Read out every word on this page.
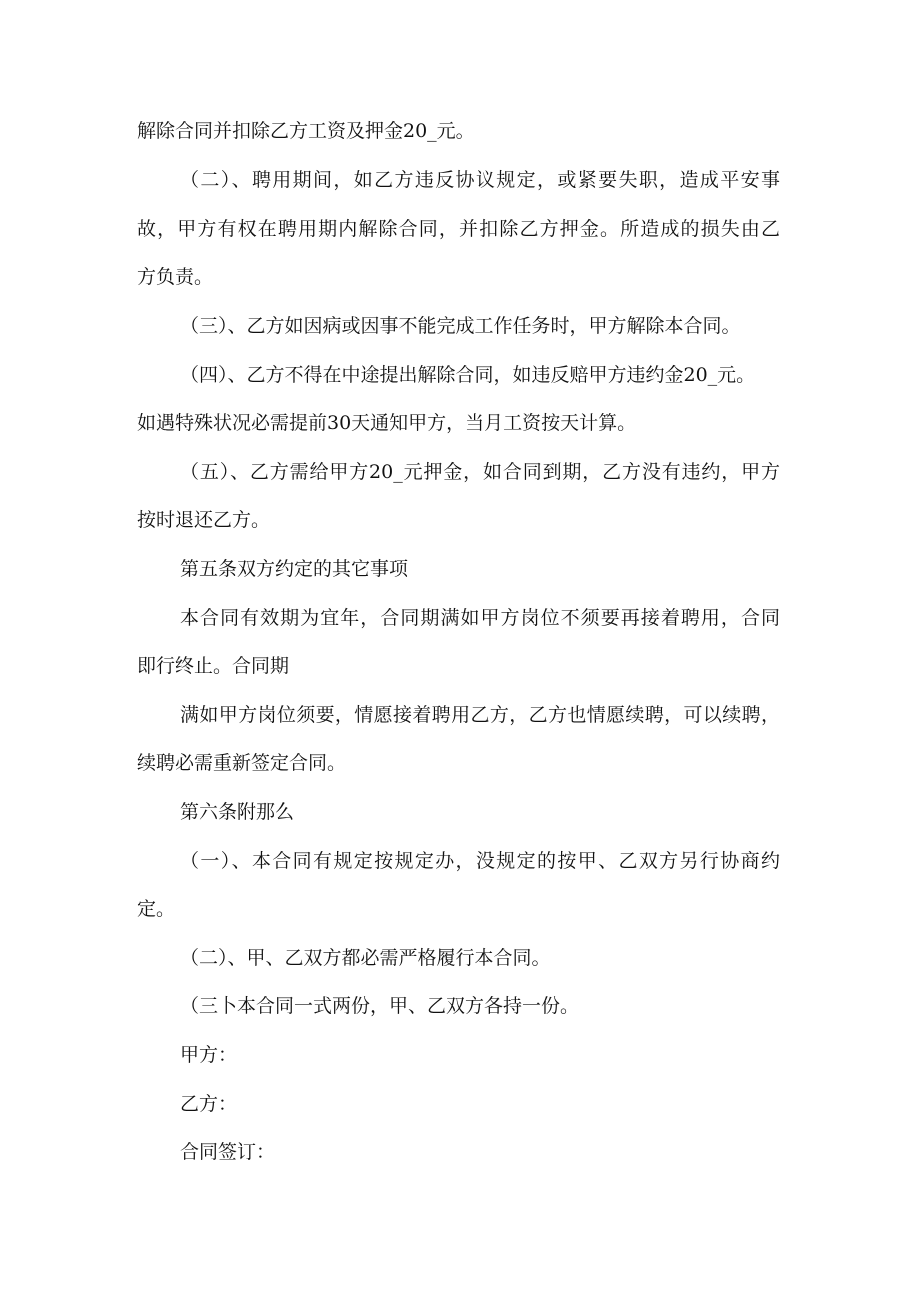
解除合同并扣除乙方工资及押金20_元。

（二）、聘用期间，如乙方违反协议规定，或紧要失职，造成平安事

故，甲方有权在聘用期内解除合同，并扣除乙方押金。所造成的损失由乙

方负责。

（三）、乙方如因病或因事不能完成工作任务时，甲方解除本合同。

（四）、乙方不得在中途提出解除合同，如违反赔甲方违约金20_元。

如遇特殊状况必需提前30天通知甲方，当月工资按天计算。

（五）、乙方需给甲方20_元押金，如合同到期，乙方没有违约，甲方

按时退还乙方。

第五条双方约定的其它事项

本合同有效期为宜年，合同期满如甲方岗位不须要再接着聘用，合同

即行终止。合同期

满如甲方岗位须要，情愿接着聘用乙方，乙方也情愿续聘，可以续聘，

续聘必需重新签定合同。

第六条附那么

（一）、本合同有规定按规定办，没规定的按甲、乙双方另行协商约

定。

（二）、甲、乙双方都必需严格履行本合同。

（三卜本合同一式两份，甲、乙双方各持一份。

甲方：

乙方：

合同签订：
